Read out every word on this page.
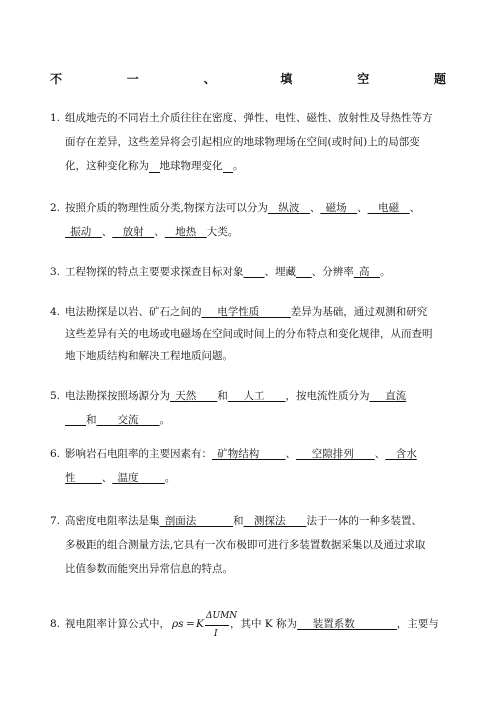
不	一	、	填	空	题
1. 组成地壳的不同岩土介质往往在密度、弹性、电性、磁性、放射性及导热性等方
面存在差异，这些差异将会引起相应的地球物理场在空间(或时间)上的局部变
化，这种变化称为 地球物理变化 。
2. 按照介质的物理性质分类,物探方法可以分为__纵波__、_磁场__、__电磁__、
_振动__、__放射__、__地热__大类。
3. 工程物探的特点主要要求探查目标对象____、埋藏___、分辨率_高__。
4. 电法勘探是以岩、矿石之间的___电学性质______差异为基础，通过观测和研究
这些差异有关的电场或电磁场在空间或时间上的分布特点和变化规律，从而查明
地下地质结构和解决工程地质问题。
5. 电法勘探按照场源分为_天然____和___人工____，按电流性质分为___直流
____和____交流____。
6. 影响岩石电阻率的主要因素有：_矿物结构_____、___空隙排列____、__含水
性_____、_温度_____。
7. 高密度电阻率法是集_剖面法_______和__测探法____法于一体的一种多装置、
多极距的组合测量方法,它具有一次布极即可进行多装置数据采集以及通过求取
比值参数而能突出异常信息的特点。
8. 视电阻率计算公式中， ρs = K
ΔUMN
I
，其中 K 称为___装置系数________，主要与
